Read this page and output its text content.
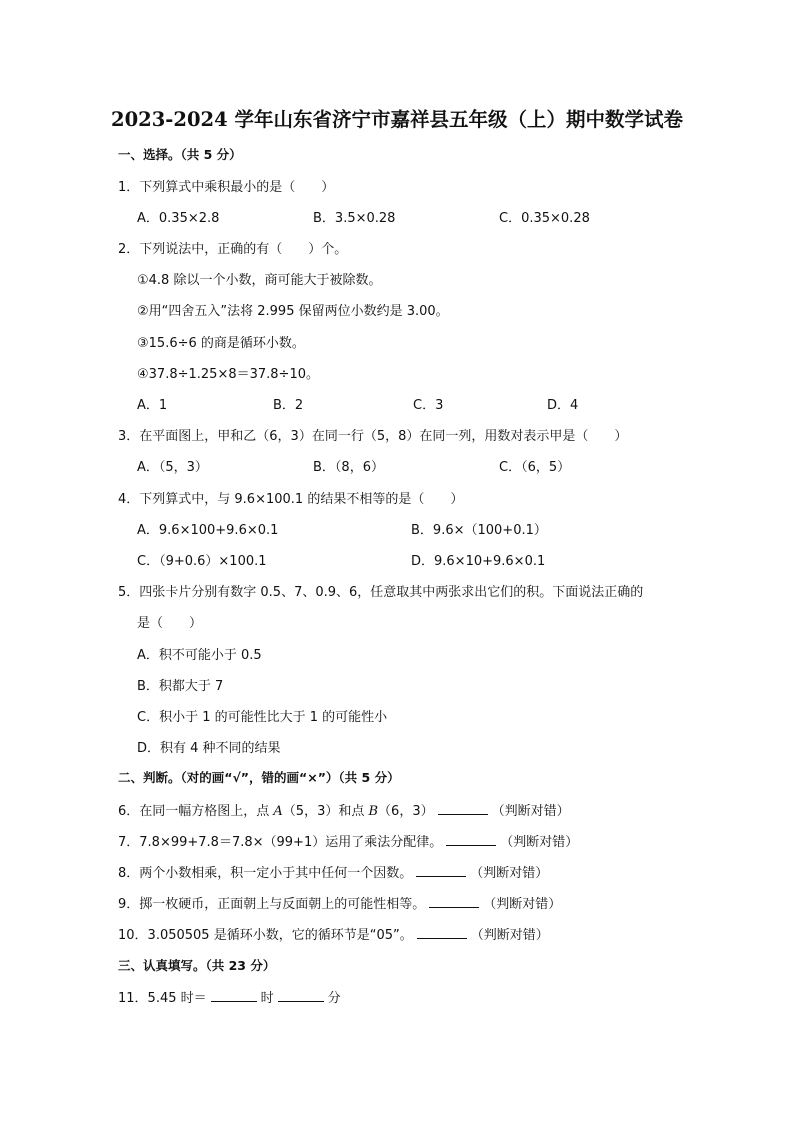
2023-2024 学年山东省济宁市嘉祥县五年级（上）期中数学试卷
一、选择。（共 5 分）
1．下列算式中乘积最小的是（　　）
A．0.35×2.8	B．3.5×0.28	C．0.35×0.28
2．下列说法中，正确的有（　　）个。
①4.8 除以一个小数，商可能大于被除数。
②用“四舍五入”法将 2.995 保留两位小数约是 3.00。
③15.6÷6 的商是循环小数。
④37.8÷1.25×8＝37.8÷10。
A．1	B．2	C．3	D．4
3．在平面图上，甲和乙（6，3）在同一行（5，8）在同一列，用数对表示甲是（　　）
A．（5，3）	B．（8，6）	C．（6，5）
4．下列算式中，与 9.6×100.1 的结果不相等的是（　　）
A．9.6×100+9.6×0.1	B．9.6×（100+0.1）
C．（9+0.6）×100.1	D．9.6×10+9.6×0.1
5．四张卡片分别有数字 0.5、7、0.9、6，任意取其中两张求出它们的积。下面说法正确的
是（　　）
A．积不可能小于 0.5
B．积都大于 7
C．积小于 1 的可能性比大于 1 的可能性小
D．积有 4 种不同的结果
二、判断。（对的画“√”，错的画“×”）（共 5 分）
6．在同一幅方格图上，点 A（5，3）和点 B（6，3）	（判断对错）
7．7.8×99+7.8＝7.8×（99+1）运用了乘法分配律。	（判断对错）
8．两个小数相乘，积一定小于其中任何一个因数。	（判断对错）
9．掷一枚硬币，正面朝上与反面朝上的可能性相等。	（判断对错）
10．3.050505 是循环小数，它的循环节是“05”。	（判断对错）
三、认真填写。（共 23 分）
11．5.45 时＝	时	分
